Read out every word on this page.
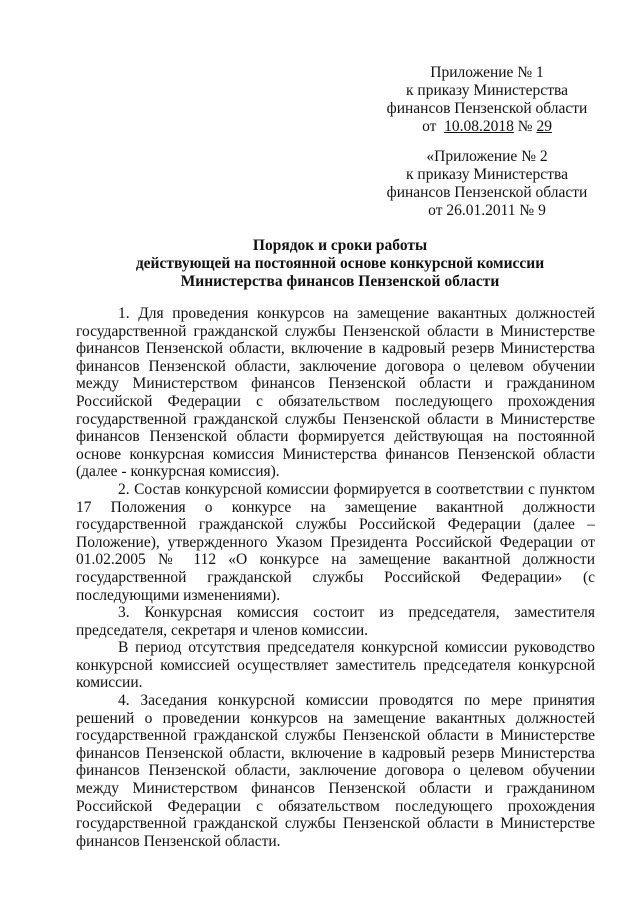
Приложение № 1
к приказу Министерства
финансов Пензенской области
от 10.08.2018 № 29
«Приложение № 2
к приказу Министерства
финансов Пензенской области
от 26.01.2011 № 9
Порядок и сроки работы
действующей на постоянной основе конкурсной комиссии
Министерства финансов Пензенской области

1. Для проведения конкурсов на замещение вакантных должностей государственной гражданской службы Пензенской области в Министерстве финансов Пензенской области, включение в кадровый резерв Министерства финансов Пензенской области, заключение договора о целевом обучении между Министерством финансов Пензенской области и гражданином Российской Федерации с обязательством последующего прохождения государственной гражданской службы Пензенской области в Министерстве финансов Пензенской области формируется действующая на постоянной основе конкурсная комиссия Министерства финансов Пензенской области (далее - конкурсная комиссия).

2. Состав конкурсной комиссии формируется в соответствии с пунктом 17 Положения о конкурсе на замещение вакантной должности государственной гражданской службы Российской Федерации (далее – Положение), утвержденного Указом Президента Российской Федерации от 01.02.2005 № 112 «О конкурсе на замещение вакантной должности государственной гражданской службы Российской Федерации» (с последующими изменениями).

3. Конкурсная комиссия состоит из председателя, заместителя председателя, секретаря и членов комиссии.

В период отсутствия председателя конкурсной комиссии руководство конкурсной комиссией осуществляет заместитель председателя конкурсной комиссии.

4. Заседания конкурсной комиссии проводятся по мере принятия решений о проведении конкурсов на замещение вакантных должностей государственной гражданской службы Пензенской области в Министерстве финансов Пензенской области, включение в кадровый резерв Министерства финансов Пензенской области, заключение договора о целевом обучении между Министерством финансов Пензенской области и гражданином Российской Федерации с обязательством последующего прохождения государственной гражданской службы Пензенской области в Министерстве финансов Пензенской области.
